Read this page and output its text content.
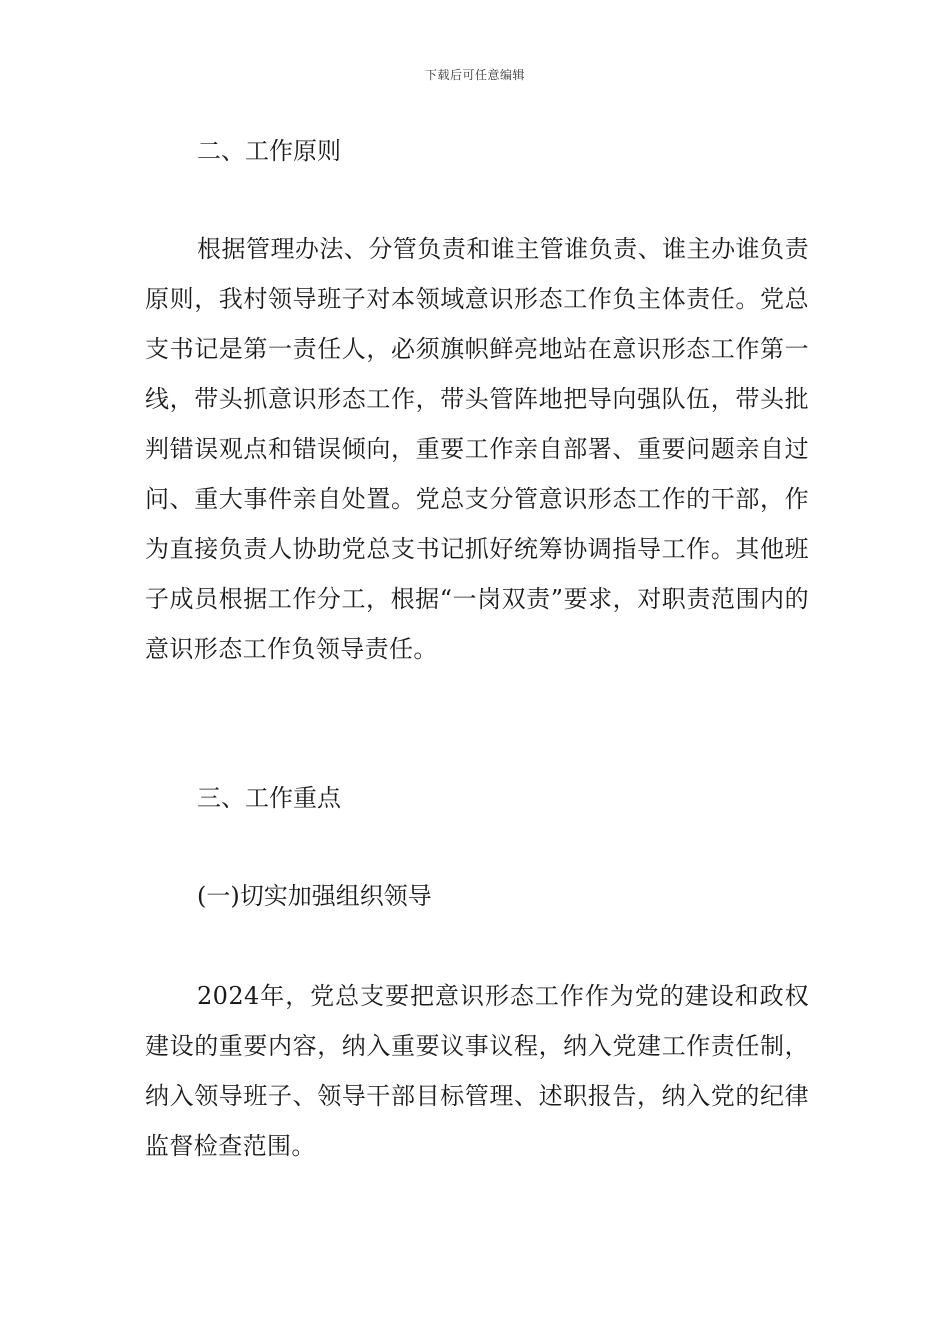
下载后可任意编辑
二、工作原则
根据管理办法、分管负责和谁主管谁负责、谁主办谁负责原则，我村领导班子对本领域意识形态工作负主体责任。党总支书记是第一责任人，必须旗帜鲜亮地站在意识形态工作第一线，带头抓意识形态工作，带头管阵地把导向强队伍，带头批判错误观点和错误倾向，重要工作亲自部署、重要问题亲自过问、重大事件亲自处置。党总支分管意识形态工作的干部，作为直接负责人协助党总支书记抓好统筹协调指导工作。其他班子成员根据工作分工，根据“一岗双责”要求，对职责范围内的意识形态工作负领导责任。
三、工作重点
(一)切实加强组织领导
2024年，党总支要把意识形态工作作为党的建设和政权建设的重要内容，纳入重要议事议程，纳入党建工作责任制，纳入领导班子、领导干部目标管理、述职报告，纳入党的纪律监督检查范围。
